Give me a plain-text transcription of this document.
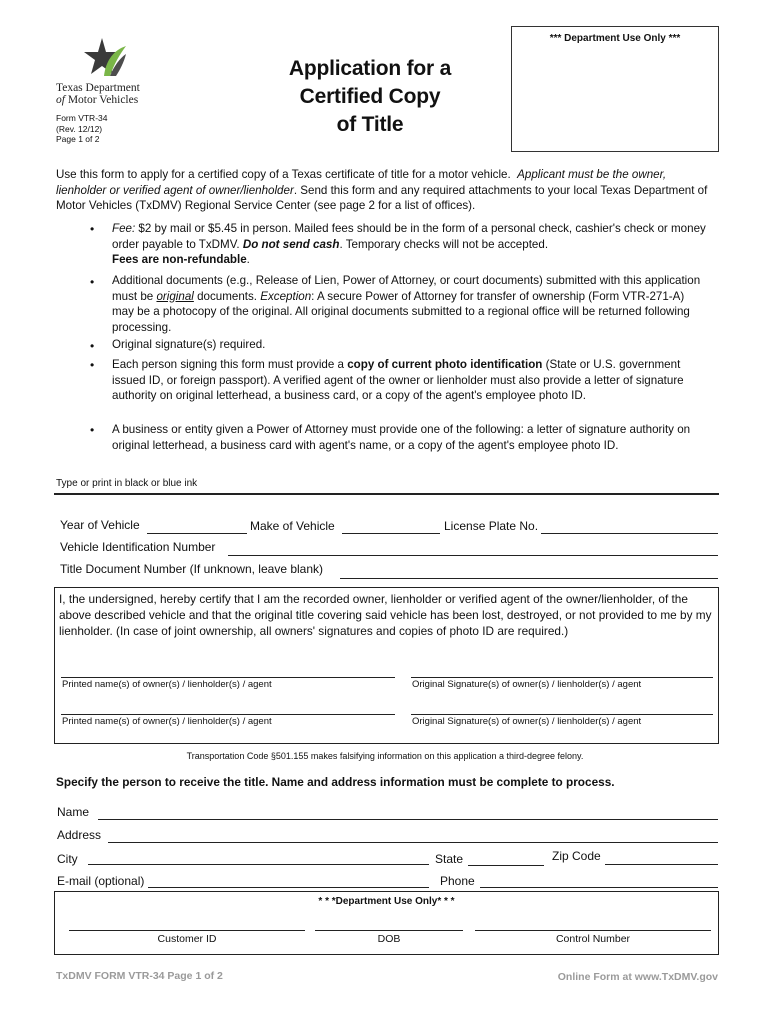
Texas Department
of Motor Vehicles
Form VTR-34
(Rev. 12/12)
Page 1 of 2
Application for a
Certified Copy
of Title
*** Department Use Only ***
Use this form to apply for a certified copy of a Texas certificate of title for a motor vehicle. Applicant must be the owner, lienholder or verified agent of owner/lienholder. Send this form and any required attachments to your local Texas Department of Motor Vehicles (TxDMV) Regional Service Center (see page 2 for a list of offices).
• Fee: $2 by mail or $5.45 in person. Mailed fees should be in the form of a personal check, cashier's check or money order payable to TxDMV. Do not send cash. Temporary checks will not be accepted.
Fees are non-refundable.
• Additional documents (e.g., Release of Lien, Power of Attorney, or court documents) submitted with this application must be original documents. Exception: A secure Power of Attorney for transfer of ownership (Form VTR-271-A) may be a photocopy of the original. All original documents submitted to a regional office will be returned following processing.
• Original signature(s) required.
• Each person signing this form must provide a copy of current photo identification (State or U.S. government issued ID, or foreign passport). A verified agent of the owner or lienholder must also provide a letter of signature authority on original letterhead, a business card, or a copy of the agent's employee photo ID.
• A business or entity given a Power of Attorney must provide one of the following: a letter of signature authority on original letterhead, a business card with agent's name, or a copy of the agent's employee photo ID.
Type or print in black or blue ink
Year of Vehicle	Make of Vehicle	License Plate No.
Vehicle Identification Number
Title Document Number (If unknown, leave blank)
I, the undersigned, hereby certify that I am the recorded owner, lienholder or verified agent of the owner/lienholder, of the above described vehicle and that the original title covering said vehicle has been lost, destroyed, or not provided to me by my lienholder. (In case of joint ownership, all owners' signatures and copies of photo ID are required.)
Printed name(s) of owner(s) / lienholder(s) / agent	Original Signature(s) of owner(s) / lienholder(s) / agent
Printed name(s) of owner(s) / lienholder(s) / agent	Original Signature(s) of owner(s) / lienholder(s) / agent
Transportation Code §501.155 makes falsifying information on this application a third-degree felony.
Specify the person to receive the title. Name and address information must be complete to process.
Name
Address
City	State	Zip Code
E-mail (optional)	Phone
* * *Department Use Only* * *
Customer ID	DOB	Control Number
TxDMV FORM VTR-34 Page 1 of 2	Online Form at www.TxDMV.gov
